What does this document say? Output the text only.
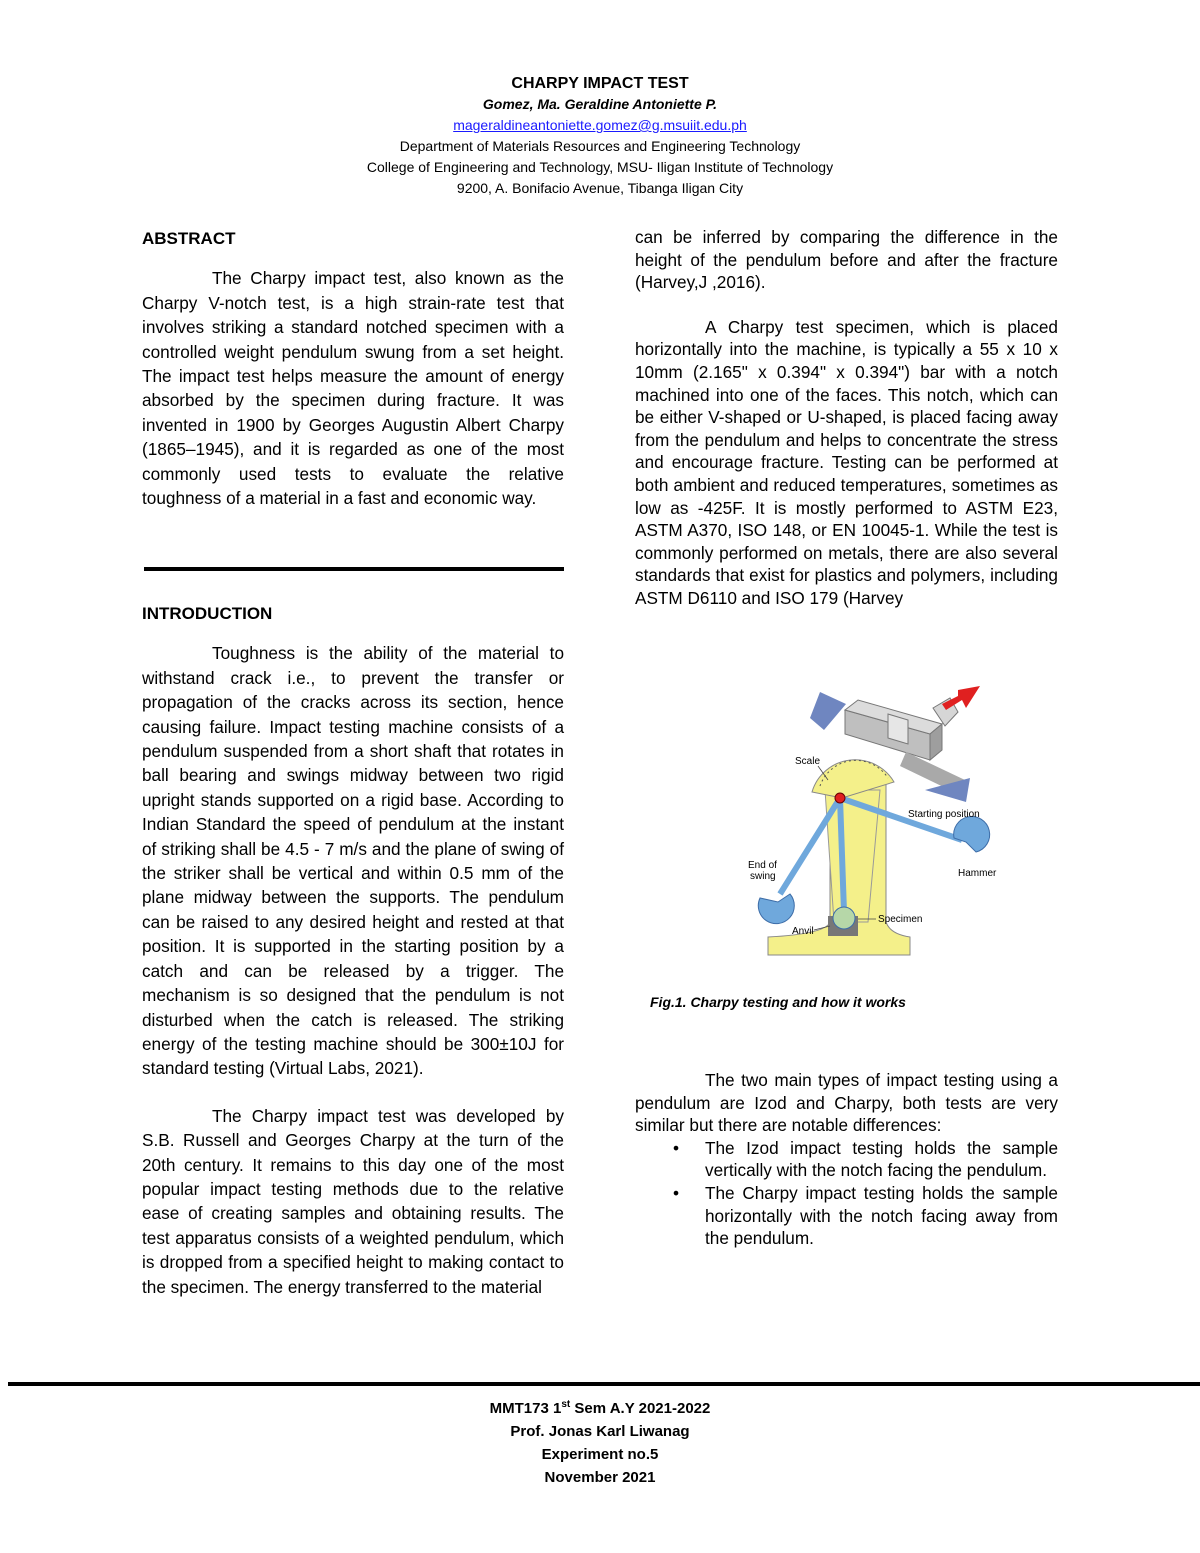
CHARPY IMPACT TEST
Gomez, Ma. Geraldine Antoniette P.
mageraldineantoniette.gomez@g.msuiit.edu.ph
Department of Materials Resources and Engineering Technology
College of Engineering and Technology, MSU- Iligan Institute of Technology
9200, A. Bonifacio Avenue, Tibanga Iligan City

ABSTRACT

The Charpy impact test, also known as the Charpy V-notch test, is a high strain-rate test that involves striking a standard notched specimen with a controlled weight pendulum swung from a set height. The impact test helps measure the amount of energy absorbed by the specimen during fracture. It was invented in 1900 by Georges Augustin Albert Charpy (1865–1945), and it is regarded as one of the most commonly used tests to evaluate the relative toughness of a material in a fast and economic way.

INTRODUCTION

Toughness is the ability of the material to withstand crack i.e., to prevent the transfer or propagation of the cracks across its section, hence causing failure. Impact testing machine consists of a pendulum suspended from a short shaft that rotates in ball bearing and swings midway between two rigid upright stands supported on a rigid base. According to Indian Standard the speed of pendulum at the instant of striking shall be 4.5 - 7 m/s and the plane of swing of the striker shall be vertical and within 0.5 mm of the plane midway between the supports. The pendulum can be raised to any desired height and rested at that position. It is supported in the starting position by a catch and can be released by a trigger. The mechanism is so designed that the pendulum is not disturbed when the catch is released. The striking energy of the testing machine should be 300±10J for standard testing (Virtual Labs, 2021).

The Charpy impact test was developed by S.B. Russell and Georges Charpy at the turn of the 20th century. It remains to this day one of the most popular impact testing methods due to the relative ease of creating samples and obtaining results. The test apparatus consists of a weighted pendulum, which is dropped from a specified height to making contact to the specimen. The energy transferred to the material

can be inferred by comparing the difference in the height of the pendulum before and after the fracture (Harvey,J ,2016).

A Charpy test specimen, which is placed horizontally into the machine, is typically a 55 x 10 x 10mm (2.165" x 0.394" x 0.394") bar with a notch machined into one of the faces. This notch, which can be either V-shaped or U-shaped, is placed facing away from the pendulum and helps to concentrate the stress and encourage fracture. Testing can be performed at both ambient and reduced temperatures, sometimes as low as -425F. It is mostly performed to ASTM E23, ASTM A370, ISO 148, or EN 10045-1. While the test is commonly performed on metals, there are also several standards that exist for plastics and polymers, including ASTM D6110 and ISO 179 (Harvey

Scale
Starting position
End of
swing	Hammer
Specimen
Anvil
Fig.1. Charpy testing and how it works

The two main types of impact testing using a pendulum are Izod and Charpy, both tests are very similar but there are notable differences:

• The Izod impact testing holds the sample vertically with the notch facing the pendulum.
• The Charpy impact testing holds the sample horizontally with the notch facing away from the pendulum.
MMT173 1st Sem A.Y 2021-2022
Prof. Jonas Karl Liwanag
Experiment no.5
November 2021
